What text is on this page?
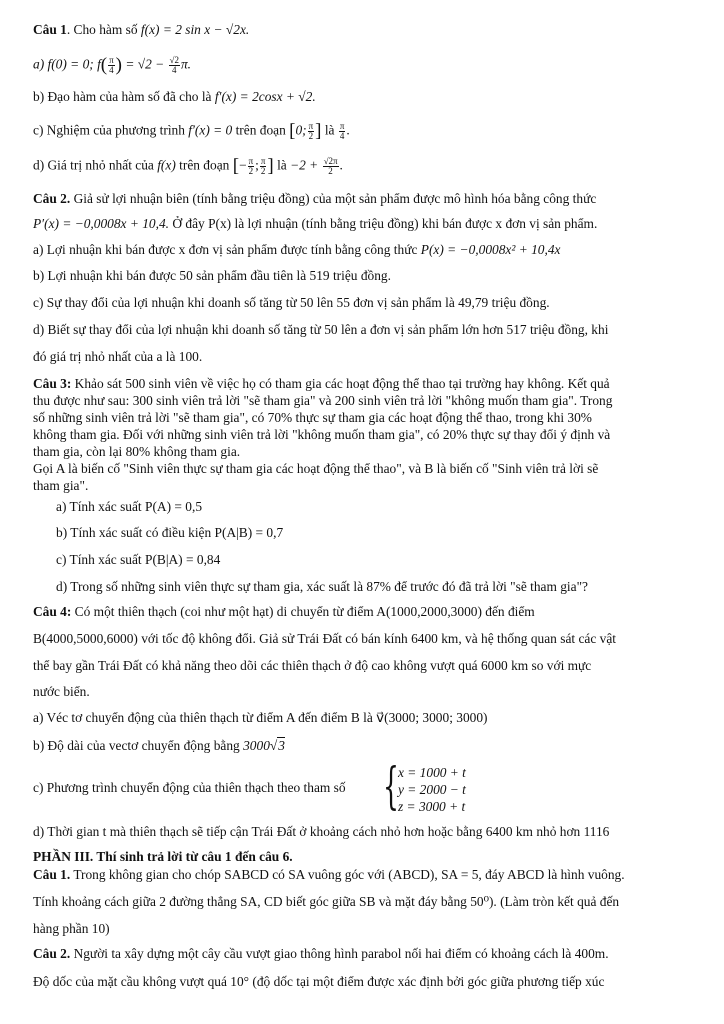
Câu 1. Cho hàm số f(x) = 2 sin x − √2x.
a) f(0) = 0; $f( \frac{\pi}{4}$ ) = $√2 - \frac{√2}{4} \pi$.
b) Đạo hàm của hàm số đã cho là f′(x) = 2cosx + √2.
c) Nghiệm của phương trình f′(x) = 0 trên đoạn [0; $\frac{\pi}{2}$ ] là $\frac{\pi}{4}$ .
d) Giá trị nhỏ nhất của f(x) trên đoạn [− $\frac{\pi}{2}$ ; $\frac{\pi}{2}$ ] là $-2 + \frac{√2\pi}{2}$ .
Câu 2. Giả sử lợi nhuận biên (tính bằng triệu đồng) của một sản phẩm được mô hình hóa bằng công thức
P′(x) = −0,0008x + 10,4. Ở đây P(x) là lợi nhuận (tính bằng triệu đồng) khi bán được x đơn vị sản phẩm.
a) Lợi nhuận khi bán được x đơn vị sản phẩm được tính bằng công thức P(x) = −0,0008x² + 10,4x
b) Lợi nhuận khi bán được 50 sản phẩm đầu tiên là 519 triệu đồng.
c) Sự thay đổi của lợi nhuận khi doanh số tăng từ 50 lên 55 đơn vị sản phẩm là 49,79 triệu đồng.
d) Biết sự thay đổi của lợi nhuận khi doanh số tăng từ 50 lên a đơn vị sản phẩm lớn hơn 517 triệu đồng, khi
đó giá trị nhỏ nhất của a là 100.
Câu 3: Khảo sát 500 sinh viên về việc họ có tham gia các hoạt động thể thao tại trường hay không. Kết quả
thu được như sau: 300 sinh viên trả lời "sẽ tham gia" và 200 sinh viên trả lời "không muốn tham gia". Trong
số những sinh viên trả lời "sẽ tham gia", có 70% thực sự tham gia các hoạt động thể thao, trong khi 30%
không tham gia. Đối với những sinh viên trả lời "không muốn tham gia", có 20% thực sự thay đổi ý định và
tham gia, còn lại 80% không tham gia.
Gọi A là biến cố "Sinh viên thực sự tham gia các hoạt động thể thao", và B là biến cố "Sinh viên trả lời sẽ
tham gia".
a) Tính xác suất P(A) = 0,5
b) Tính xác suất có điều kiện P(A|B) = 0,7
c) Tính xác suất P(B|A) = 0,84
d) Trong số những sinh viên thực sự tham gia, xác suất là 87% để trước đó đã trả lời "sẽ tham gia"?
Câu 4: Có một thiên thạch (coi như một hạt) di chuyển từ điểm A(1000,2000,3000) đến điểm
B(4000,5000,6000) với tốc độ không đổi. Giả sử Trái Đất có bán kính 6400 km, và hệ thống quan sát các vật
thể bay gần Trái Đất có khả năng theo dõi các thiên thạch ở độ cao không vượt quá 6000 km so với mực
nước biển.
a) Véc tơ chuyển động của thiên thạch từ điểm A đến điểm B là v⃗(3000; 3000; 3000)
b) Độ dài của vectơ chuyển động bằng 3000√3
c) Phương trình chuyển động của thiên thạch theo tham số { x = 1000 + t
y = 2000 − t
z = 3000 + t
d) Thời gian t mà thiên thạch sẽ tiếp cận Trái Đất ở khoảng cách nhỏ hơn hoặc bằng 6400 km nhỏ hơn 1116
PHẦN III. Thí sinh trả lời từ câu 1 đến câu 6.
Câu 1. Trong không gian cho chóp SABCD có SA vuông góc với (ABCD), SA = 5, đáy ABCD là hình vuông.
Tính khoảng cách giữa 2 đường thẳng SA, CD biết góc giữa SB và mặt đáy bằng 50⁰). (Làm tròn kết quả đến
hàng phần 10)
Câu 2. Người ta xây dựng một cây cầu vượt giao thông hình parabol nối hai điểm có khoảng cách là 400m.
Độ dốc của mặt cầu không vượt quá 10° (độ dốc tại một điểm được xác định bởi góc giữa phương tiếp xúc
